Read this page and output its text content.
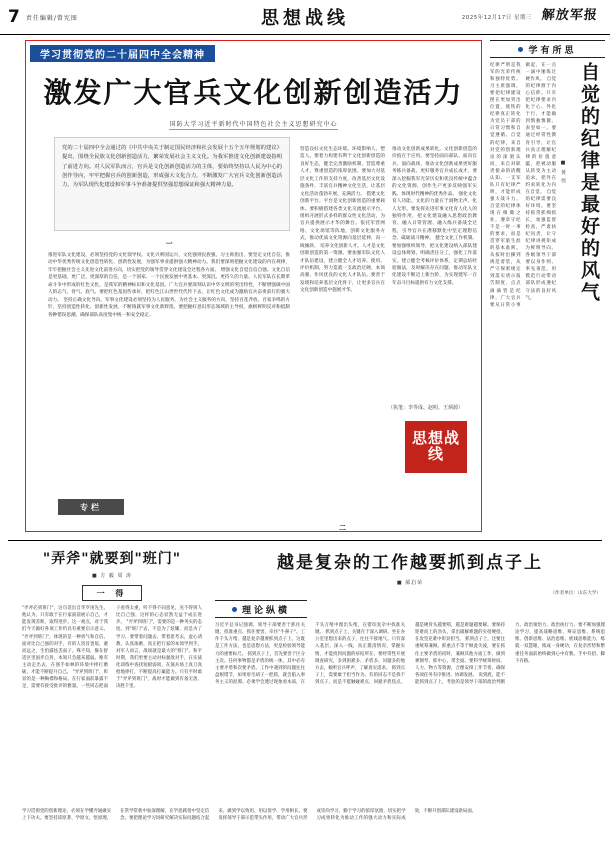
7 责任编辑/曾宪图	思想战线	2025年12月17日 星期三 解放军报
学习贯彻党的二十届四中全会精神
激发广大官兵文化创新创造活力
国防大学习近平新时代中国特色社会主义思想研究中心
党的二十届四中全会通过的《中共中央关于制定国民经济和社会发展十五个五年规划的建议》提出，围绕全民族文化创新创造活力，繁荣发展社会主义文化。为我军推进文化创新建设指明了前进方向。对人民军队而言，官兵是文化创新创造活力的主体，要始终坚持以人民为中心的创作导向，牢牢把握官兵的创新创造，形成强大文化合力，不断激发广大官兵文化创新创造活力，为军队现代化建设和军事斗争准备提供坚强思想保证和强大精神力量。
一
推进军队文化建设，必须坚持党的文化领导权。文化兴则国运兴，文化强则民族强。习主席指出，要坚定文化自信，推动中华优秀传统文化创造性转化、创新性发展，为强军事业提供强大精神动力。我们要深刻把握文化建设的内在规律，牢牢把握社会主义先进文化前进方向，切实把党的领导贯穿文化建设全过程各方面。 增强文化自觉自信自强。文化自信是更基础、更广泛、更深厚的自信，是一个国家、一个民族发展中更基本、更深沉、更持久的力量。人民军队在长期革命斗争中形成的红色文化，是我军的精神标识和文化基因。广大官兵要深刻认识中华文明的突出特性，不断增强做中国人的志气、骨气、底气。要把红色基因传承好，把红色江山世世代代传下去，让红色文化成为激励官兵奋勇前行的强大动力。 坚持正确文化导向。军事文化建设必须坚持为人民服务、为社会主义服务的方向，坚持百花齐放、百家争鸣的方针，坚持创造性转化、创新性发展，不断铸就军事文化新辉煌。要把握好意识形态领域的主导权，旗帜鲜明反对和抵制各种错误思潮，确保部队高度集中统一和安全稳定。
营造良好文化生态环境。环境影响人、塑造人。要着力构建有利于文化创新创造的良好生态，健全完善激励机制，营造尊重人才、尊重创造的浓厚氛围。要加大对基层文化工作的支持力度，改善基层文化设施条件，丰富官兵精神文化生活，让基层文化活动蓬勃开展、充满活力。 搭建文化创新平台。平台是文化创新创造的重要载体。要积极搭建各类文化交流展示平台，组织开展形式多样的群众性文化活动，为官兵提供展示才华的舞台。依托军营网络、文化场馆等阵地，创新文化服务方式，推动优质文化资源向基层延伸、向一线倾斜。 培养文化创新人才。人才是文化创新创造的第一资源。要加强军队文化人才队伍建设，建立健全人才培养、使用、评价机制，努力造就一支政治过硬、本领高强、作风优良的文化人才队伍。要善于发现和培养基层文化骨干，让更多官兵在文化创新创造中施展才华。
二
推动文化创新成果转化。文化创新创造的价值在于应用。要坚持面向部队、面向官兵、面向战场，推动文化创新成果更好服务练兵备战，更好服务官兵成长成才。要深入挖掘我军光荣历史和优良传统中蕴含的文化资源，创作生产更多反映强军实践、体现时代精神的优秀作品。 强化文化育人功能。文化的力量在于润物无声、化人无形。要发挥先进军事文化育人化人的独特作用，把文化建设融入思想政治教育、融入日常管理、融入练兵备战全过程，引导官兵在潜移默化中坚定理想信念、砥砺战斗精神。 健全文化工作机制。要加强组织领导，把文化建设纳入部队建设总体规划，明确责任分工，强化工作落实。建立健全考核评价体系，定期总结经验做法，及时解决存在问题，推动军队文化建设不断迈上新台阶，为实现建军一百年奋斗目标提供有力文化支撑。
（执笔：李等成、赵明、王炳源）
思想战线
专栏
学有所思
自觉的纪律是最好的风气
纪律严明是我军的光荣传统和独特优势。习主席强调，要把纪律建设摆在更加突出位置，使铁的纪律真正转化为党员干部的日常习惯和自觉遵循。自觉的纪律，来自对党的创新理论的深刻认同，来自对职责使命的清醒认知。一支军队只有纪律严明，才能形成强大战斗力。 自觉的纪律体现在细微之处。遵章守纪不是一时一事的要求，而是贯穿军旅生涯的基本准则。从按时出操到规范着装，从严守保密规定到落实请示报告制度，点点滴滴皆是纪律。广大官兵要从日常小事做起，在一点一滴中锤炼过硬作风。 自觉的纪律源于内心信仰。只有把纪律要求内化于心、外化于行，才能做到慎独慎微、表里如一。要通过经常性教育引导，让官兵真正理解纪律的价值意蕴，把被动服从转变为主动追求，把外在约束转化为内在自觉。 自觉的纪律需要良好环境。要坚持抓常抓细抓长，加强监督检查，严肃执纪问责，让守纪律讲规矩成为鲜明导向。各级领导干部要以身作则、率先垂范，用模范行动带动部队形成遵纪守法的良好风气。
■ 黄 伟
"弄斧"就要到"班门"
■ 方 毅 周 涛
一 得
"弄斧必到班门"，这句话出自华罗庚先生。他认为，只有敢于在行家面前展示自己，才能发现差距、取得进步。这一观点，对于我们今天做好各项工作仍具有重要启示意义。 "弄斧到班门"，体现的是一种勇气和自信。面对比自己强的对手，有的人畏首畏尾、避而远之，生怕露怯丢面子。殊不知，躲在舒适区里固步自封，本领只会越来越弱。唯有主动走出去，在强手如林的环境中摔打磨砺，才能不断提升自己。 "弄斧到班门"，彰显的是一种胸襟和格局。在行家面前暴露不足，需要有接受批评的雅量。一些同志把面子看得太重，听不得不同意见，见不得别人比自己强，这样的心态显然无益于成长进步。 "弄斧到班门"，需要的是一种务实的态度。到"班门"去，不是为了炫耀，而是为了学习。要带着问题去、带着思考去，虚心请教、认真琢磨，真正把行家的本领学到手。 对军人而言，战场就是最大的"班门"。和平时期，我们更要主动对标强敌对手，在实战化训练中查找短板弱项，在演兵场上真刀真枪地摔打，不断提高打赢能力。只有平时敢于"弄斧到班门"，战时才能做到有备无患、决胜千里。
越是复杂的工作越要抓到点子上
■ 郝启荣
理论纵横
习近平总书记强调，领导干部要善于抓住关键、找准重点、抓住要害、牵住"牛鼻子"。工作千头万绪，越是复杂越要抓到点子上。这既是工作方法，也是思想方法，更是检验领导能力的重要标尺。 抓到点子上，首先要善于区分主次。任何事物都是矛盾的统一体，其中必有主要矛盾和次要矛盾。工作中遇到的问题往往盘根错节，如果眉毛胡子一把抓，就会陷入事务主义的泥潭。必须学会透过现象看本质，在千头万绪中理出头绪，在错综复杂中找准关键。 抓到点子上，关键在于深入调研。坐在办公室里想出来的点子，往往不接地气。只有深入基层、深入一线，真正摸清情况、掌握实情，才能找到问题的症结所在。要经常性开展调查研究，多到困难多、矛盾多、问题多的地方去，倾听官兵呼声，了解真实需求。 抓到点子上，需要敢于担当作为。有的同志不是找不到点子，而是不愿触碰难点、回避矛盾焦点。越是硬骨头越要啃，越是难题越要解。要保持迎难而上的劲头，拿出破解难题的实招硬招，在攻坚克难中彰显担当。 抓到点子上，还要注重统筹兼顾。抓重点不等于顾此失彼，要在抓住主要矛盾的同时，兼顾其他方面工作，做到弹钢琴、抓中心、带全面。要科学统筹时间、人力、物力等资源，合理安排工作节奏，确保各项任务有序推进、协调发展。 说到底，能不能抓到点子上，考验的是领导干部的政治判断力、政治领悟力、政治执行力。要不断加强理论学习，提高战略思维、辩证思维、系统思维、创新思维、法治思维、底线思维能力，练就一双慧眼，练成一身硬功，在复杂形势和繁重任务面前始终做到心中有数、手中有招、脚下有路。
（作者单位：山东大学）
学习贯彻党的创新理论，必须在学懂弄通做实上下功夫。要坚持读原著、学原文、悟原理，在常学常新中加深理解，在学思践悟中坚定信念。要把理论学习同研究解决实际问题结合起来，做到学以致用、用以促学、学用相长。要发挥领导干部示范带头作用，带动广大官兵形成崇尚学习、勤于学习的浓厚氛围，切实把学习成果转化为推动工作的强大动力和实际成效，不断开创部队建设新局面。
